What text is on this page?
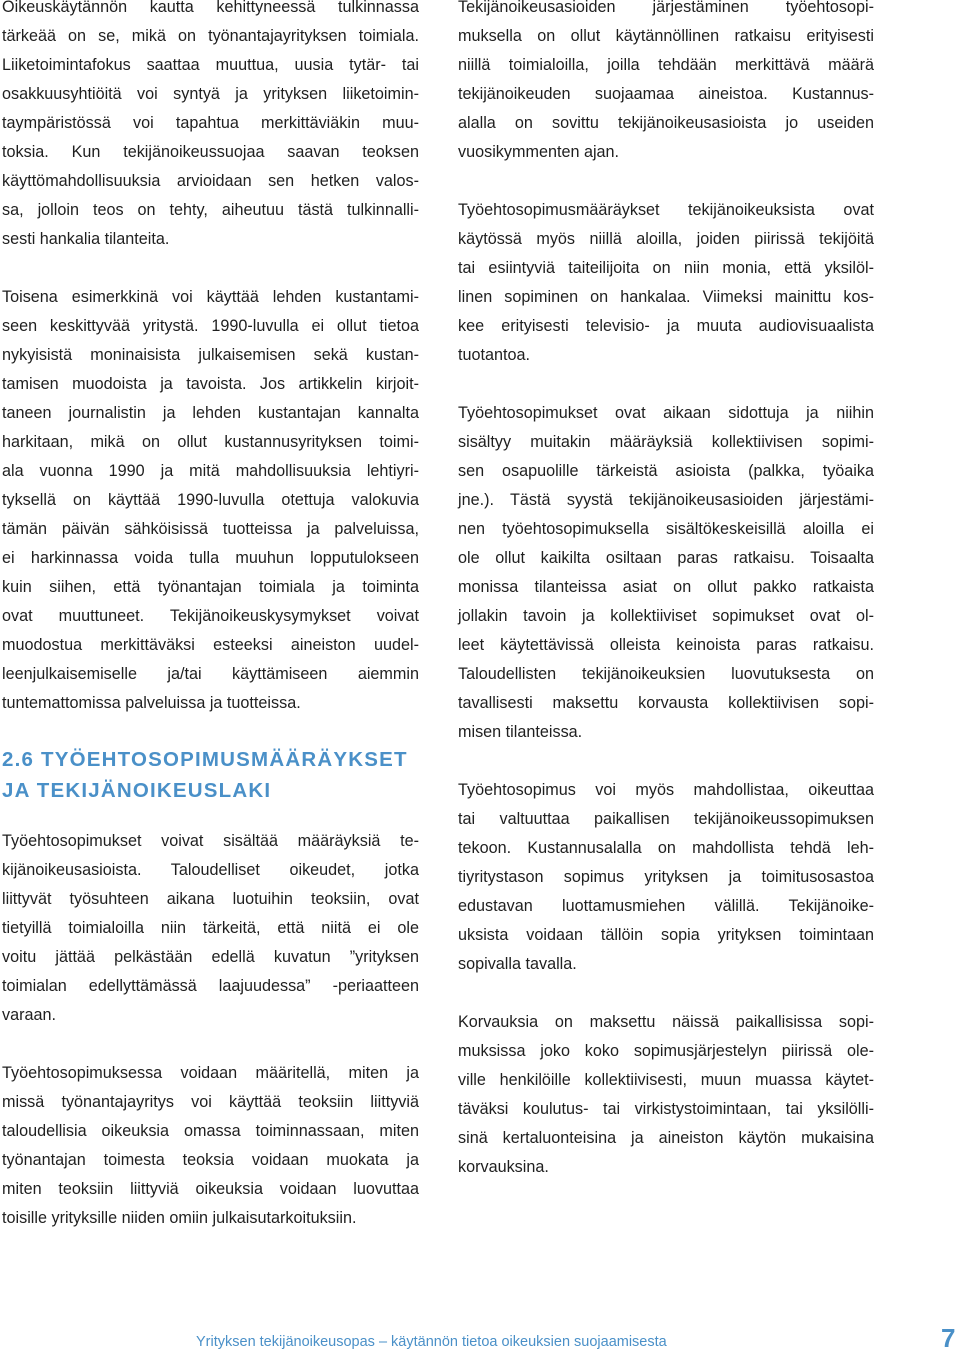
Oikeuskäytännön kautta kehittyneessä tulkinnassa
tärkeää on se, mikä on työnantajayrityksen toimiala.
Liiketoimintafokus saattaa muuttua, uusia tytär- tai
osakkuusyhtiöitä voi syntyä ja yrityksen liiketoimin-
taympäristössä voi tapahtua merkittäviäkin muu-
toksia. Kun tekijänoikeussuojaa saavan teoksen
käyttömahdollisuuksia arvioidaan sen hetken valos-
sa, jolloin teos on tehty, aiheutuu tästä tulkinnalli-
sesti hankalia tilanteita.
Toisena esimerkkinä voi käyttää lehden kustantami-
seen keskittyvää yritystä. 1990-luvulla ei ollut tietoa
nykyisistä moninaisista julkaisemisen sekä kustan-
tamisen muodoista ja tavoista. Jos artikkelin kirjoit-
taneen journalistin ja lehden kustantajan kannalta
harkitaan, mikä on ollut kustannusyrityksen toimi-
ala vuonna 1990 ja mitä mahdollisuuksia lehtiyri-
tyksellä on käyttää 1990-luvulla otettuja valokuvia
tämän päivän sähköisissä tuotteissa ja palveluissa,
ei harkinnassa voida tulla muuhun lopputulokseen
kuin siihen, että työnantajan toimiala ja toiminta
ovat muuttuneet. Tekijänoikeuskysymykset voivat
muodostua merkittäväksi esteeksi aineiston uudel-
leenjulkaisemiselle ja/tai käyttämiseen aiemmin
tuntemattomissa palveluissa ja tuotteissa.
Työehtosopimukset voivat sisältää määräyksiä te-
kijänoikeusasioista. Taloudelliset oikeudet, jotka
liittyvät työsuhteen aikana luotuihin teoksiin, ovat
tietyillä toimialoilla niin tärkeitä, että niitä ei ole
voitu jättää pelkästään edellä kuvatun ”yrityksen
toimialan edellyttämässä laajuudessa” -periaatteen
varaan.
Työehtosopimuksessa voidaan määritellä, miten ja
missä työnantajayritys voi käyttää teoksiin liittyviä
taloudellisia oikeuksia omassa toiminnassaan, miten
työnantajan toimesta teoksia voidaan muokata ja
miten teoksiin liittyviä oikeuksia voidaan luovuttaa
toisille yrityksille niiden omiin julkaisutarkoituksiin.
2.6 TYÖEHTOSOPIMUSMÄÄRÄYKSET
JA TEKIJÄNOIKEUSLAKI
Tekijänoikeusasioiden järjestäminen työehtosopi-
muksella on ollut käytännöllinen ratkaisu erityisesti
niillä toimialoilla, joilla tehdään merkittävä määrä
tekijänoikeuden suojaamaa aineistoa. Kustannus-
alalla on sovittu tekijänoikeusasioista jo useiden
vuosikymmenten ajan.
Työehtosopimusmääräykset tekijänoikeuksista ovat
käytössä myös niillä aloilla, joiden piirissä tekijöitä
tai esiintyviä taiteilijoita on niin monia, että yksilöl-
linen sopiminen on hankalaa. Viimeksi mainittu kos-
kee erityisesti televisio- ja muuta audiovisuaalista
tuotantoa.
Työehtosopimukset ovat aikaan sidottuja ja niihin
sisältyy muitakin määräyksiä kollektiivisen sopimi-
sen osapuolille tärkeistä asioista (palkka, työaika
jne.). Tästä syystä tekijänoikeusasioiden järjestämi-
nen työehtosopimuksella sisältökeskeisillä aloilla ei
ole ollut kaikilta osiltaan paras ratkaisu. Toisaalta
monissa tilanteissa asiat on ollut pakko ratkaista
jollakin tavoin ja kollektiiviset sopimukset ovat ol-
leet käytettävissä olleista keinoista paras ratkaisu.
Taloudellisten tekijänoikeuksien luovutuksesta on
tavallisesti maksettu korvausta kollektiivisen sopi-
misen tilanteissa.
Työehtosopimus voi myös mahdollistaa, oikeuttaa
tai valtuuttaa paikallisen tekijänoikeussopimuksen
tekoon. Kustannusalalla on mahdollista tehdä leh-
tiyritystason sopimus yrityksen ja toimitusosastoa
edustavan luottamusmiehen välillä. Tekijänoike-
uksista voidaan tällöin sopia yrityksen toimintaan
sopivalla tavalla.
Korvauksia on maksettu näissä paikallisissa sopi-
muksissa joko koko sopimusjärjestelyn piirissä ole-
ville henkilöille kollektiivisesti, muun muassa käytet-
täväksi koulutus- tai virkistystoimintaan, tai yksilölli-
sinä kertaluonteisina ja aineiston käytön mukaisina
korvauksina.
Yrityksen tekijänoikeusopas – käytännön tietoa oikeuksien suojaamisesta	7
